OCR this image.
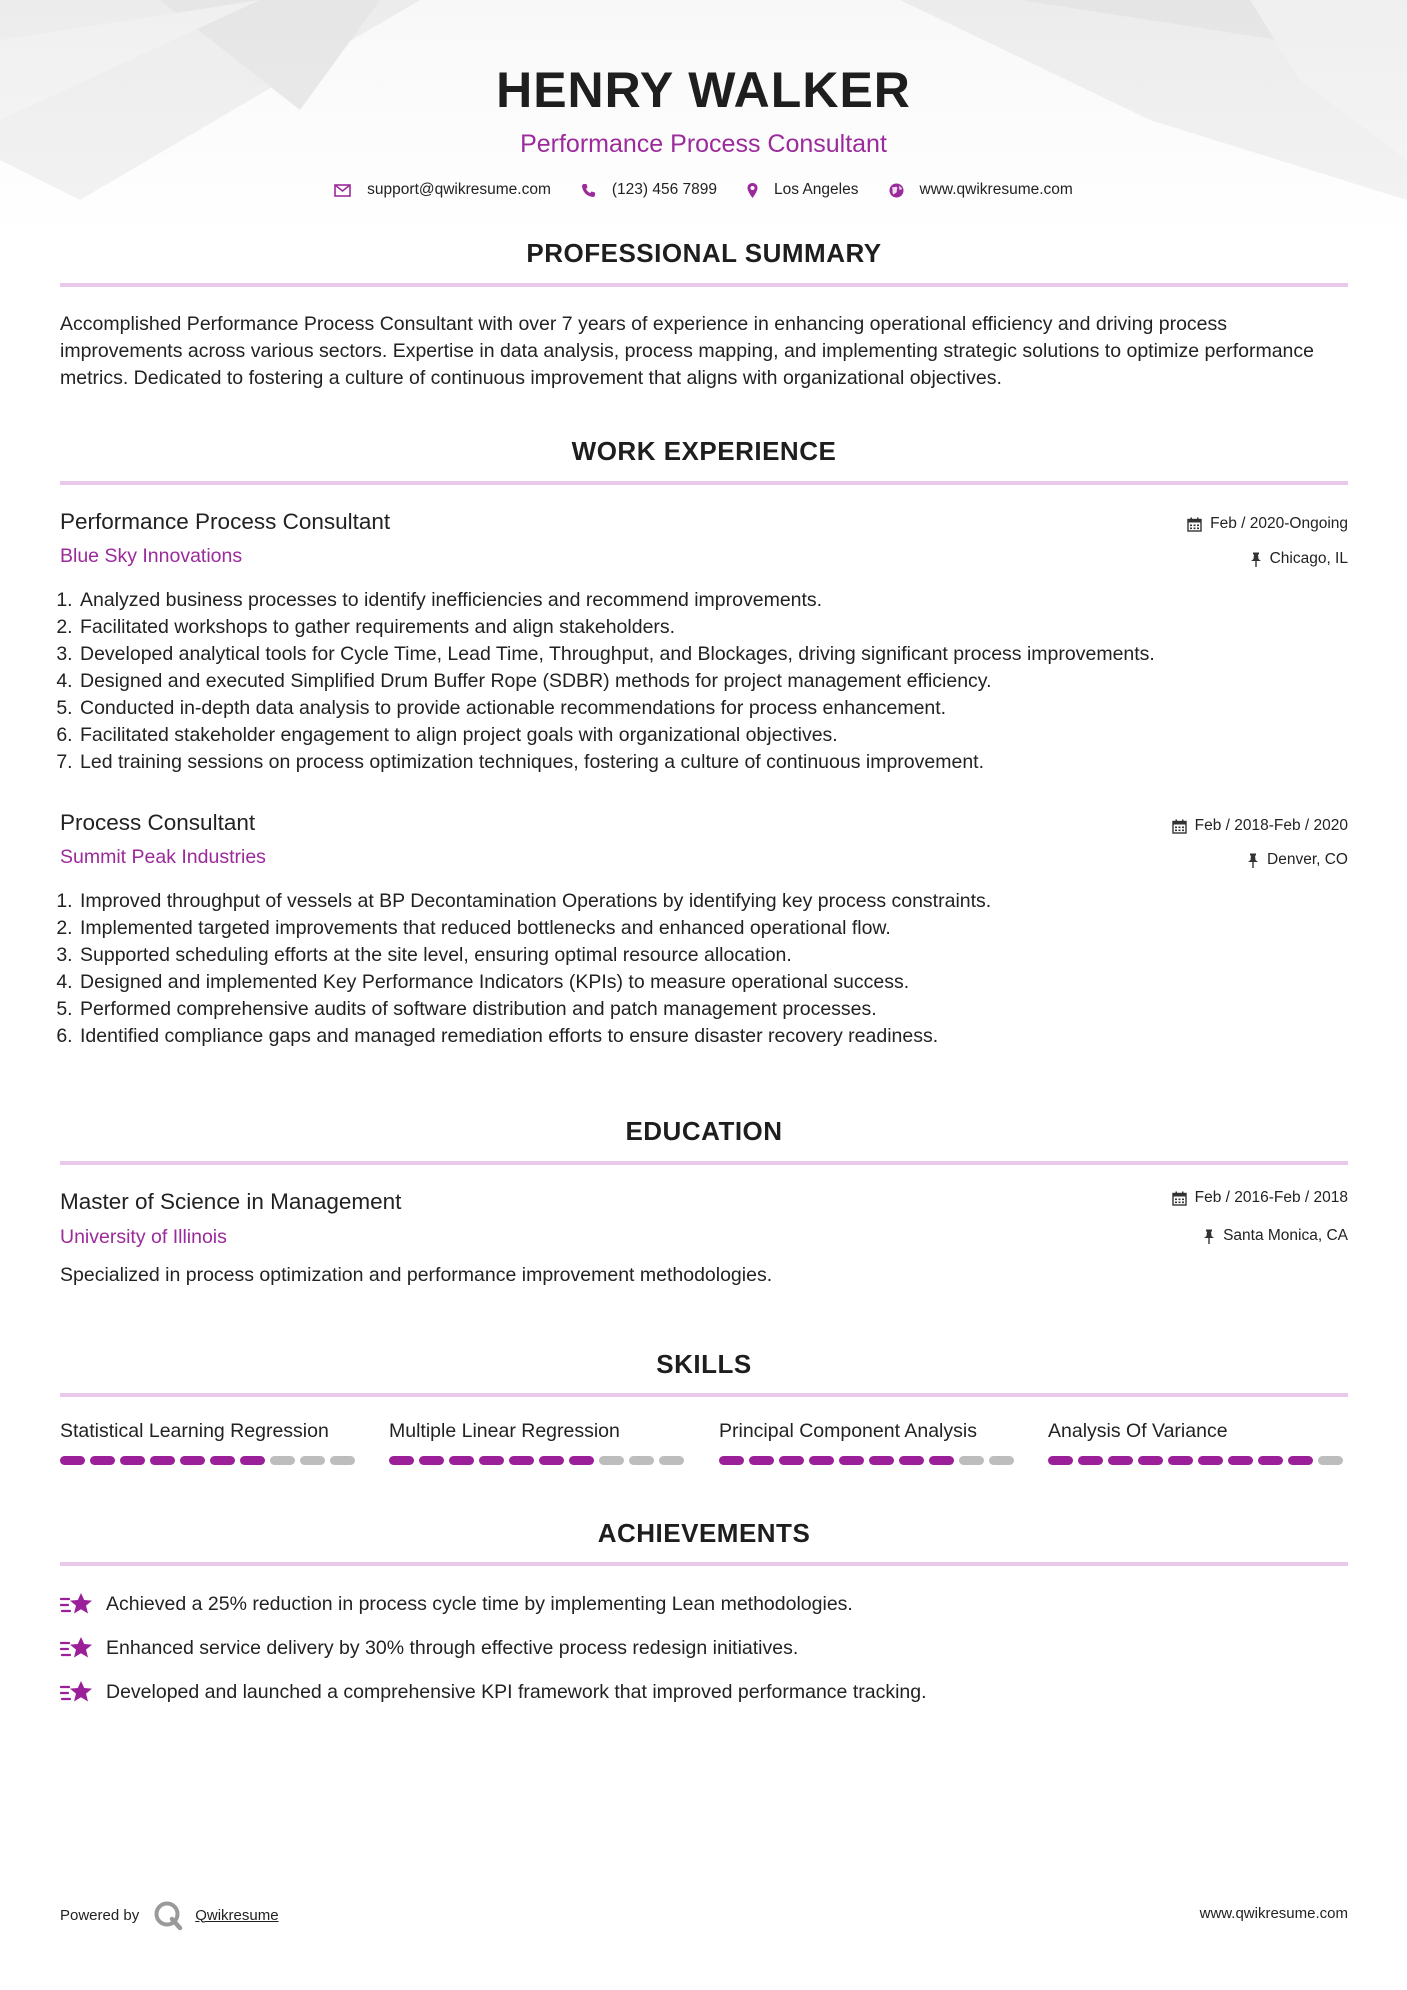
HENRY WALKER
Performance Process Consultant
support@qwikresume.com	(123) 456 7899	Los Angeles	www.qwikresume.com
PROFESSIONAL SUMMARY
Accomplished Performance Process Consultant with over 7 years of experience in enhancing operational efficiency and driving process improvements across various sectors. Expertise in data analysis, process mapping, and implementing strategic solutions to optimize performance metrics. Dedicated to fostering a culture of continuous improvement that aligns with organizational objectives.
WORK EXPERIENCE
Performance Process Consultant
Blue Sky Innovations
Feb / 2020-Ongoing
Chicago, IL
1. Analyzed business processes to identify inefficiencies and recommend improvements.
2. Facilitated workshops to gather requirements and align stakeholders.
3. Developed analytical tools for Cycle Time, Lead Time, Throughput, and Blockages, driving significant process improvements.
4. Designed and executed Simplified Drum Buffer Rope (SDBR) methods for project management efficiency.
5. Conducted in-depth data analysis to provide actionable recommendations for process enhancement.
6. Facilitated stakeholder engagement to align project goals with organizational objectives.
7. Led training sessions on process optimization techniques, fostering a culture of continuous improvement.
Process Consultant
Summit Peak Industries
Feb / 2018-Feb / 2020
Denver, CO
1. Improved throughput of vessels at BP Decontamination Operations by identifying key process constraints.
2. Implemented targeted improvements that reduced bottlenecks and enhanced operational flow.
3. Supported scheduling efforts at the site level, ensuring optimal resource allocation.
4. Designed and implemented Key Performance Indicators (KPIs) to measure operational success.
5. Performed comprehensive audits of software distribution and patch management processes.
6. Identified compliance gaps and managed remediation efforts to ensure disaster recovery readiness.
EDUCATION
Master of Science in Management
University of Illinois
Feb / 2016-Feb / 2018
Santa Monica, CA
Specialized in process optimization and performance improvement methodologies.
SKILLS
Statistical Learning Regression	Multiple Linear Regression	Principal Component Analysis	Analysis Of Variance
ACHIEVEMENTS
Achieved a 25% reduction in process cycle time by implementing Lean methodologies.
Enhanced service delivery by 30% through effective process redesign initiatives.
Developed and launched a comprehensive KPI framework that improved performance tracking.
Powered by	Qwikresume	www.qwikresume.com
